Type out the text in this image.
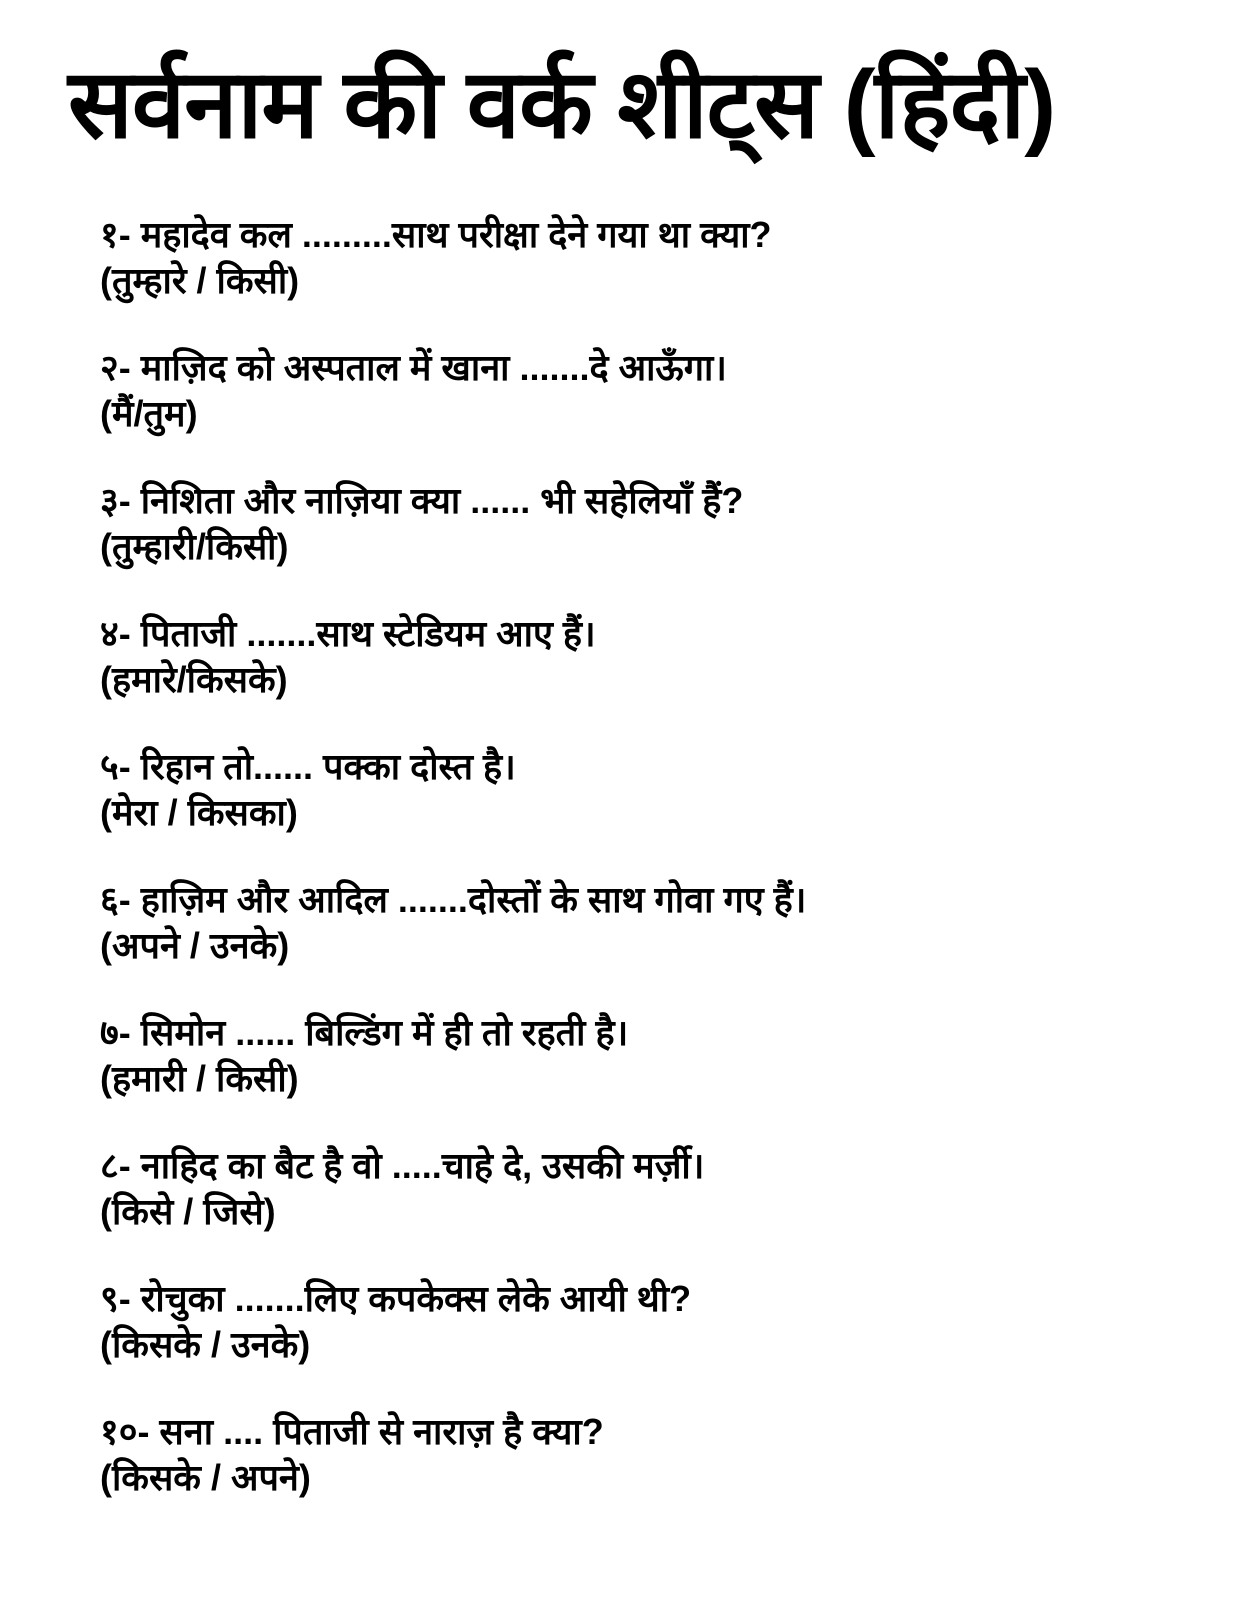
सर्वनाम की वर्क शीट्स (हिंदी)
१- महादेव कल .........साथ परीक्षा देने गया था क्या?
(तुम्हारे / किसी)
२- माज़िद को अस्पताल में खाना .......दे आऊँगा।
(मैं/तुम)
३- निशिता और नाज़िया क्या ...... भी सहेलियाँ हैं?
(तुम्हारी/किसी)
४- पिताजी .......साथ स्टेडियम आए हैं।
(हमारे/किसके)
५- रिहान तो...... पक्का दोस्त है।
(मेरा / किसका)
६- हाज़िम और आदिल .......दोस्तों के साथ गोवा गए हैं।
(अपने / उनके)
७- सिमोन ...... बिल्डिंग में ही तो रहती है।
(हमारी / किसी)
८- नाहिद का बैट है वो .....चाहे दे, उसकी मर्ज़ी।
(किसे / जिसे)
९- रोचुका .......लिए कपकेक्स लेके आयी थी?
(किसके / उनके)
१०- सना .... पिताजी से नाराज़ है क्या?
(किसके / अपने)
